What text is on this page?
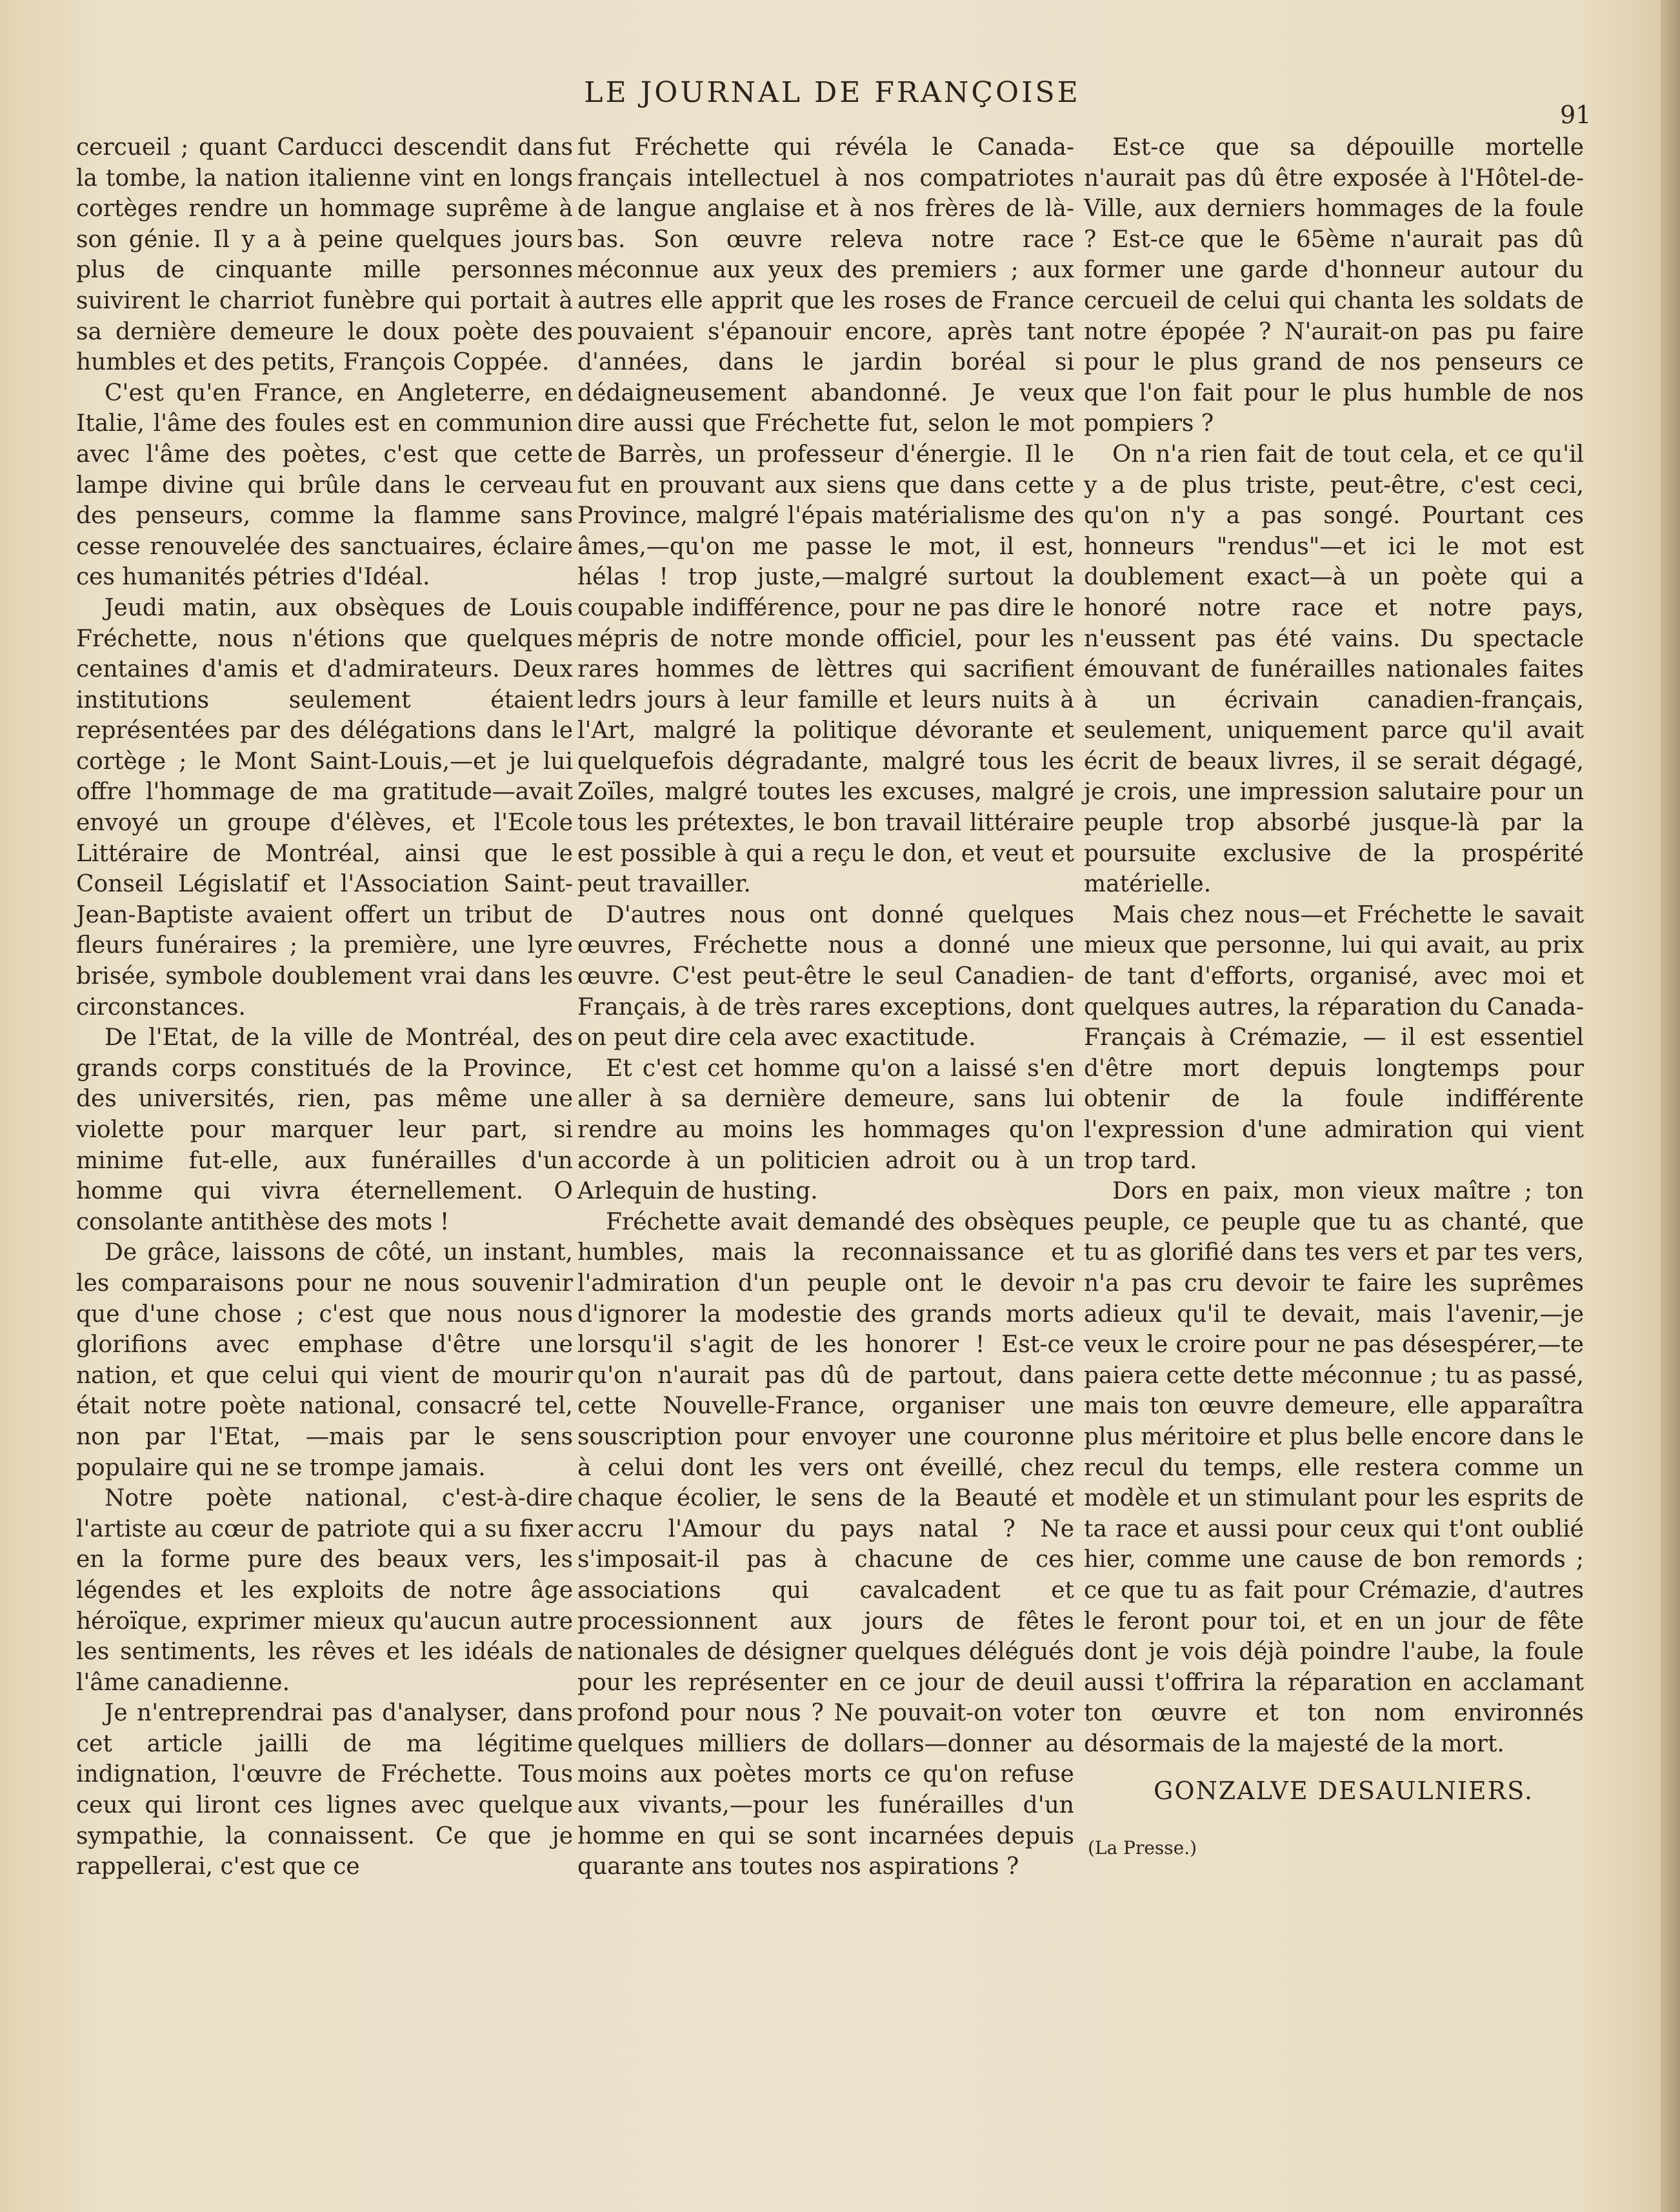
LE JOURNAL DE FRANÇOISE
91

cercueil ; quant Carducci descendit dans la tombe, la nation italienne vint en longs cortèges rendre un hommage suprême à son génie. Il y a à peine quelques jours plus de cinquante mille personnes suivirent le charriot funèbre qui portait à sa dernière demeure le doux poète des humbles et des petits, François Coppée.

C'est qu'en France, en Angleterre, en Italie, l'âme des foules est en communion avec l'âme des poètes, c'est que cette lampe divine qui brûle dans le cerveau des penseurs, comme la flamme sans cesse renouvelée des sanctuaires, éclaire ces humanités pétries d'Idéal.

Jeudi matin, aux obsèques de Louis Fréchette, nous n'étions que quelques centaines d'amis et d'admirateurs. Deux institutions seulement étaient représentées par des délégations dans le cortège ; le Mont Saint-Louis,—et je lui offre l'hommage de ma gratitude—avait envoyé un groupe d'élèves, et l'Ecole Littéraire de Montréal, ainsi que le Conseil Législatif et l'Association Saint-Jean-Baptiste avaient offert un tribut de fleurs funéraires ; la première, une lyre brisée, symbole doublement vrai dans les circonstances.

De l'Etat, de la ville de Montréal, des grands corps constitués de la Province, des universités, rien, pas même une violette pour marquer leur part, si minime fut-elle, aux funérailles d'un homme qui vivra éternellement. O consolante antithèse des mots !

De grâce, laissons de côté, un instant, les comparaisons pour ne nous souvenir que d'une chose ; c'est que nous nous glorifions avec emphase d'être une nation, et que celui qui vient de mourir était notre poète national, consacré tel, non par l'Etat, —mais par le sens populaire qui ne se trompe jamais.

Notre poète national, c'est-à-dire l'artiste au cœur de patriote qui a su fixer en la forme pure des beaux vers, les légendes et les exploits de notre âge héroïque, exprimer mieux qu'aucun autre les sentiments, les rêves et les idéals de l'âme canadienne.

Je n'entreprendrai pas d'analyser, dans cet article jailli de ma légitime indignation, l'œuvre de Fréchette. Tous ceux qui liront ces lignes avec quelque sympathie, la connaissent. Ce que je rappellerai, c'est que ce

fut Fréchette qui révéla le Canada-français intellectuel à nos compatriotes de langue anglaise et à nos frères de là-bas. Son œuvre releva notre race méconnue aux yeux des premiers ; aux autres elle apprit que les roses de France pouvaient s'épanouir encore, après tant d'années, dans le jardin boréal si dédaigneusement abandonné. Je veux dire aussi que Fréchette fut, selon le mot de Barrès, un professeur d'énergie. Il le fut en prouvant aux siens que dans cette Province, malgré l'épais matérialisme des âmes,—qu'on me passe le mot, il est, hélas ! trop juste,—malgré surtout la coupable indifférence, pour ne pas dire le mépris de notre monde officiel, pour les rares hommes de lèttres qui sacrifient ledrs jours à leur famille et leurs nuits à l'Art, malgré la politique dévorante et quelquefois dégradante, malgré tous les Zoïles, malgré toutes les excuses, malgré tous les prétextes, le bon travail littéraire est possible à qui a reçu le don, et veut et peut travailler.

D'autres nous ont donné quelques œuvres, Fréchette nous a donné une œuvre. C'est peut-être le seul Canadien-Français, à de très rares exceptions, dont on peut dire cela avec exactitude.

Et c'est cet homme qu'on a laissé s'en aller à sa dernière demeure, sans lui rendre au moins les hommages qu'on accorde à un politicien adroit ou à un Arlequin de husting.

Fréchette avait demandé des obsèques humbles, mais la reconnaissance et l'admiration d'un peuple ont le devoir d'ignorer la modestie des grands morts lorsqu'il s'agit de les honorer ! Est-ce qu'on n'aurait pas dû de partout, dans cette Nouvelle-France, organiser une souscription pour envoyer une couronne à celui dont les vers ont éveillé, chez chaque écolier, le sens de la Beauté et accru l'Amour du pays natal ? Ne s'imposait-il pas à chacune de ces associations qui cavalcadent et processionnent aux jours de fêtes nationales de désigner quelques délégués pour les représenter en ce jour de deuil profond pour nous ? Ne pouvait-on voter quelques milliers de dollars—donner au moins aux poètes morts ce qu'on refuse aux vivants,—pour les funérailles d'un homme en qui se sont incarnées depuis quarante ans toutes nos aspirations ?

Est-ce que sa dépouille mortelle n'aurait pas dû être exposée à l'Hôtel-de-Ville, aux derniers hommages de la foule ? Est-ce que le 65ème n'aurait pas dû former une garde d'honneur autour du cercueil de celui qui chanta les soldats de notre épopée ? N'aurait-on pas pu faire pour le plus grand de nos penseurs ce que l'on fait pour le plus humble de nos pompiers ?

On n'a rien fait de tout cela, et ce qu'il y a de plus triste, peut-être, c'est ceci, qu'on n'y a pas songé. Pourtant ces honneurs "rendus"—et ici le mot est doublement exact—à un poète qui a honoré notre race et notre pays, n'eussent pas été vains. Du spectacle émouvant de funérailles nationales faites à un écrivain canadien-français, seulement, uniquement parce qu'il avait écrit de beaux livres, il se serait dégagé, je crois, une impression salutaire pour un peuple trop absorbé jusque-là par la poursuite exclusive de la prospérité matérielle.

Mais chez nous—et Fréchette le savait mieux que personne, lui qui avait, au prix de tant d'efforts, organisé, avec moi et quelques autres, la réparation du Canada-Français à Crémazie, — il est essentiel d'être mort depuis longtemps pour obtenir de la foule indifférente l'expression d'une admiration qui vient trop tard.

Dors en paix, mon vieux maître ; ton peuple, ce peuple que tu as chanté, que tu as glorifié dans tes vers et par tes vers, n'a pas cru devoir te faire les suprêmes adieux qu'il te devait, mais l'avenir,—je veux le croire pour ne pas désespérer,—te paiera cette dette méconnue ; tu as passé, mais ton œuvre demeure, elle apparaîtra plus méritoire et plus belle encore dans le recul du temps, elle restera comme un modèle et un stimulant pour les esprits de ta race et aussi pour ceux qui t'ont oublié hier, comme une cause de bon remords ; ce que tu as fait pour Crémazie, d'autres le feront pour toi, et en un jour de fête dont je vois déjà poindre l'aube, la foule aussi t'offrira la réparation en acclamant ton œuvre et ton nom environnés désormais de la majesté de la mort.

GONZALVE DESAULNIERS.
(La Presse.)
